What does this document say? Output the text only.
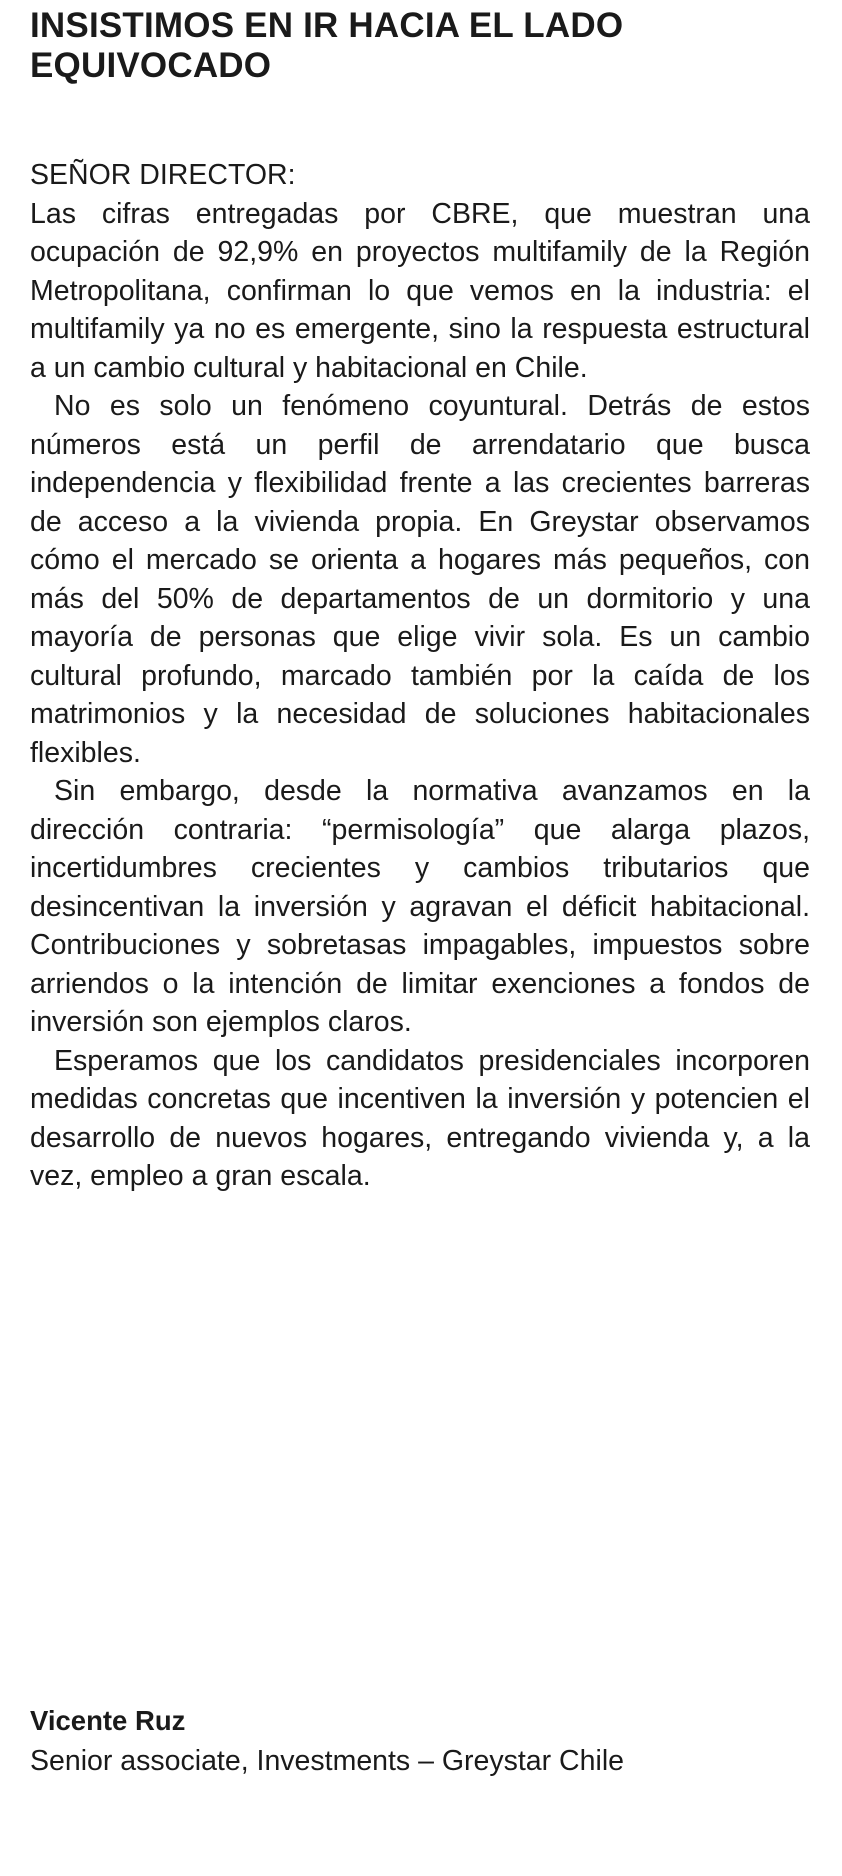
INSISTIMOS EN IR HACIA EL LADO EQUIVOCADO

SEÑOR DIRECTOR:

Las cifras entregadas por CBRE, que muestran una ocupación de 92,9% en proyectos multifamily de la Región Metropolitana, confirman lo que vemos en la industria: el multifamily ya no es emergente, sino la respuesta estructural a un cambio cultural y habitacional en Chile.

No es solo un fenómeno coyuntural. Detrás de estos números está un perfil de arrendatario que busca independencia y flexibilidad frente a las crecientes barreras de acceso a la vivienda propia. En Greystar observamos cómo el mercado se orienta a hogares más pequeños, con más del 50% de departamentos de un dormitorio y una mayoría de personas que elige vivir sola. Es un cambio cultural profundo, marcado también por la caída de los matrimonios y la necesidad de soluciones habitacionales flexibles.

Sin embargo, desde la normativa avanzamos en la dirección contraria: “permisología” que alarga plazos, incertidumbres crecientes y cambios tributarios que desincentivan la inversión y agravan el déficit habitacional. Contribuciones y sobretasas impagables, impuestos sobre arriendos o la intención de limitar exenciones a fondos de inversión son ejemplos claros.

Esperamos que los candidatos presidenciales incorporen medidas concretas que incentiven la inversión y potencien el desarrollo de nuevos hogares, entregando vivienda y, a la vez, empleo a gran escala.

Vicente Ruz

Senior associate, Investments – Greystar Chile
